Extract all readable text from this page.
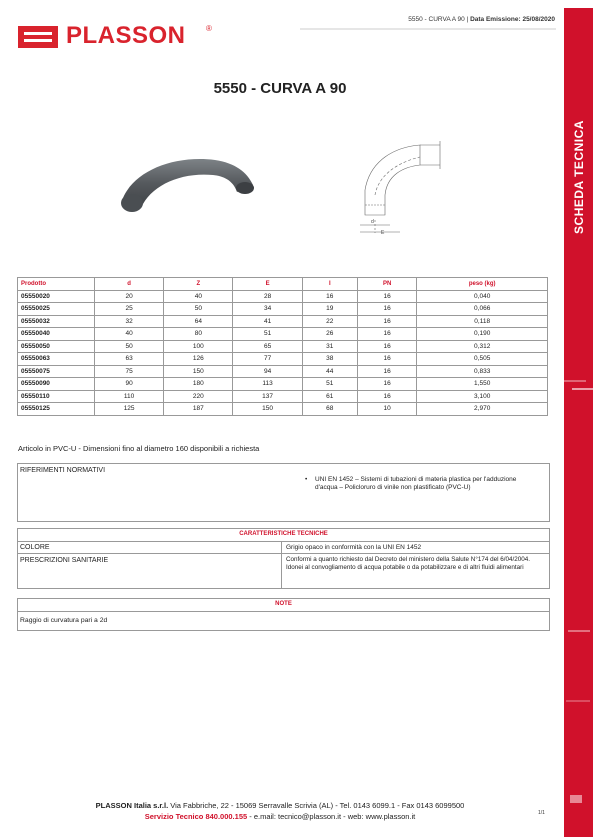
PLASSON	®
5550 - CURVA A 90 | Data Emissione: 25/08/2020
5550 - CURVA A 90
SCHEDA TECNICA
d
E
Prodotto	d	Z	E	I	PN	peso (kg)
05550020	20	40	28	16	16	0,040
05550025	25	50	34	19	16	0,066
05550032	32	64	41	22	16	0,118
05550040	40	80	51	26	16	0,190
05550050	50	100	65	31	16	0,312
05550063	63	126	77	38	16	0,505
05550075	75	150	94	44	16	0,833
05550090	90	180	113	51	16	1,550
05550110	110	220	137	61	16	3,100
05550125	125	187	150	68	10	2,970
Articolo in PVC-U - Dimensioni fino al diametro 160 disponibili a richiesta
RIFERIMENTI NORMATIVI
•	UNI EN 1452 – Sistemi di tubazioni di materia plastica per l'adduzione d'acqua – Policloruro di vinile non plastificato (PVC-U)
CARATTERISTICHE TECNICHE
COLORE	Grigio opaco in conformità con la UNI EN 1452
PRESCRIZIONI SANITARIE	Conformi a quanto richiesto dal Decreto del ministero della Salute N°174 del 6/04/2004. Idonei al convogliamento di acqua potabile o da potabilizzare e di altri fluidi alimentari
NOTE
Raggio di curvatura pari a 2d
PLASSON Italia s.r.l. Via Fabbriche, 22 - 15069 Serravalle Scrivia (AL) - Tel. 0143 6099.1 - Fax 0143 6099500
Servizio Tecnico 840.000.155 - e.mail: tecnico@plasson.it - web: www.plasson.it	1/1
